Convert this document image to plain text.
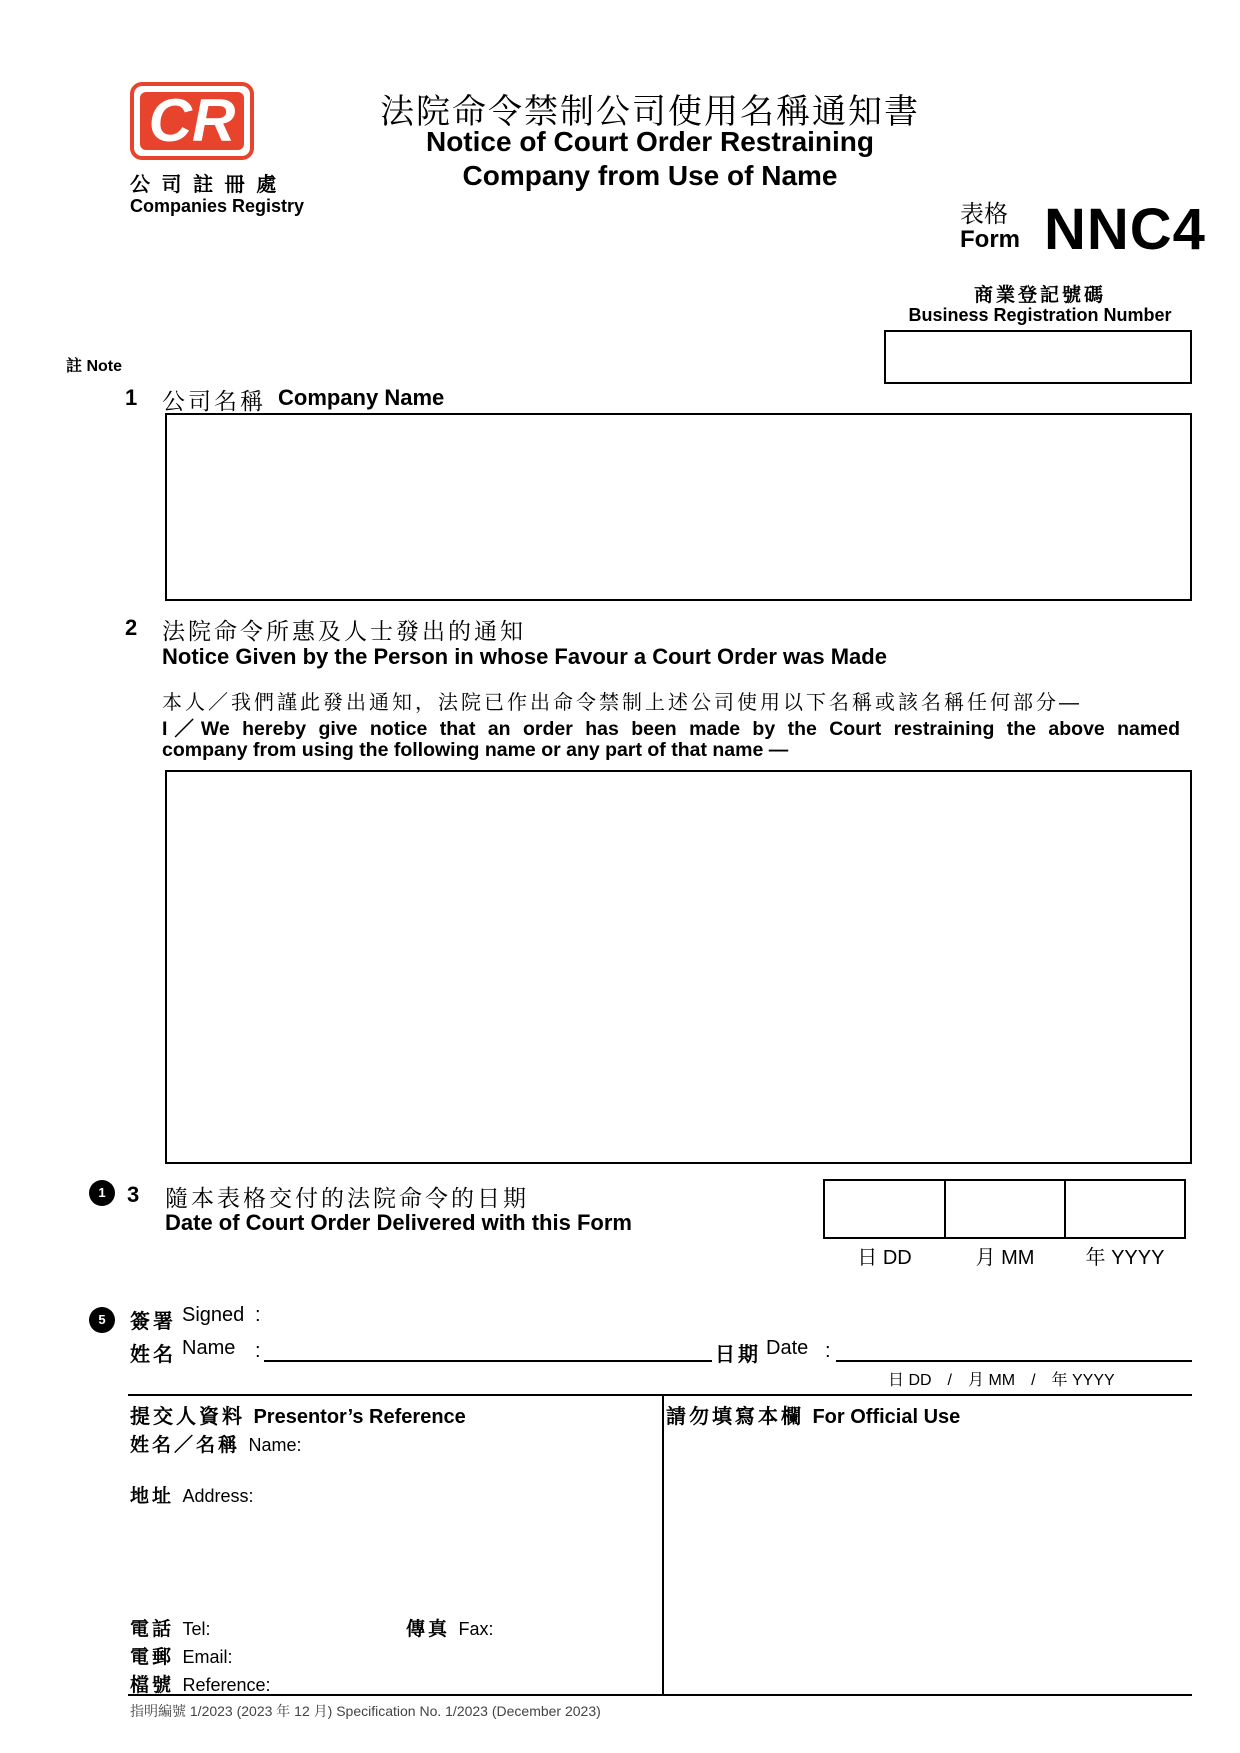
CR
公 司 註 冊 處
Companies Registry
法院命令禁制公司使用名稱通知書
Notice of Court Order Restraining
Company from Use of Name
表格
Form NNC4
商業登記號碼
Business Registration Number
註 Note
1 公司名稱 Company Name
2 法院命令所惠及人士發出的通知
Notice Given by the Person in whose Favour a Court Order was Made
本人／我們謹此發出通知，法院已作出命令禁制上述公司使用以下名稱或該名稱任何部分—
I／We hereby give notice that an order has been made by the Court restraining the above named
company from using the following name or any part of that name —
1 3 隨本表格交付的法院命令的日期
Date of Court Order Delivered with this Form
日 DD	月 MM	年 YYYY
5	簽署 Signed :
姓名 Name :	日期 Date :
日 DD　/　月 MM　/　年 YYYY
提交人資料 Presentor’s Reference
姓名／名稱 Name:
地址 Address:
電話 Tel:	傳真 Fax:
電郵 Email:
檔號 Reference:
請勿填寫本欄 For Official Use
指明編號 1/2023 (2023 年 12 月) Specification No. 1/2023 (December 2023)
